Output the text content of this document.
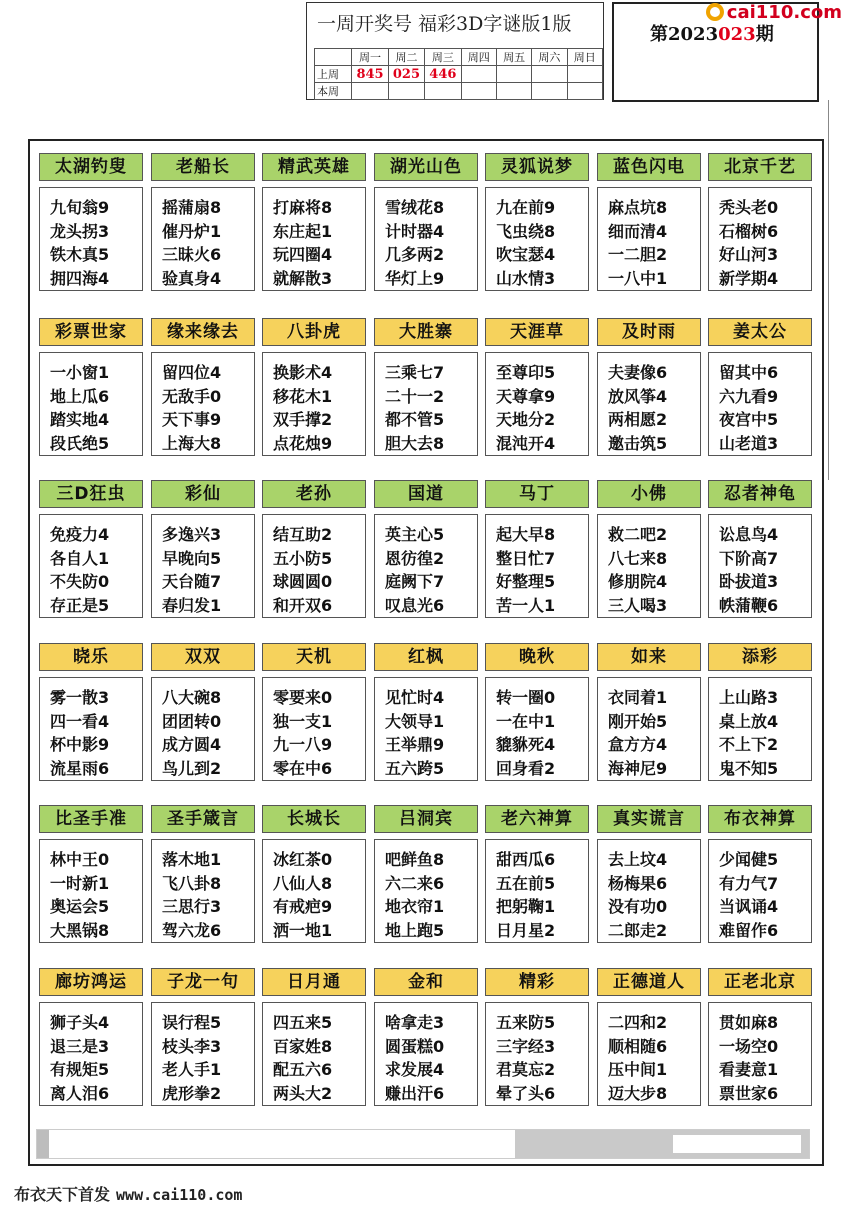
一周开奖号 福彩3D字谜版1版
	周一	周二	周三	周四	周五	周六	周日
上周	845	025	446				
本周							
第2023023期
cai110.com
太湖钓叟
九旬翁9
龙头拐3
铁木真5
拥四海4
老船长
摇蒲扇8
催丹炉1
三昧火6
验真身4
精武英雄
打麻将8
东庄起1
玩四圈4
就解散3
湖光山色
雪绒花8
计时器4
几多两2
华灯上9
灵狐说梦
九在前9
飞虫绕8
吹宝瑟4
山水情3
蓝色闪电
麻点坑8
细而清4
一二胆2
一八中1
北京千艺
秃头老0
石榴树6
好山河3
新学期4
彩票世家
一小窗1
地上瓜6
踏实地4
段氏绝5
缘来缘去
留四位4
无敌手0
天下事9
上海大8
八卦虎
换影术4
移花木1
双手撑2
点花烛9
大胜寨
三乘七7
二十一2
都不管5
胆大去8
天涯草
至尊印5
天尊拿9
天地分2
混沌开4
及时雨
夫妻像6
放风筝4
两相愿2
邀击筑5
姜太公
留其中6
六九看9
夜宫中5
山老道3
三D狂虫
免疫力4
各自人1
不失防0
存正是5
彩仙
多逸兴3
早晚向5
天台随7
春归发1
老孙
结互助2
五小防5
球圆圆0
和开双6
国道
英主心5
恩彷徨2
庭阙下7
叹息光6
马丁
起大早8
整日忙7
好整理5
苦一人1
小佛
救二吧2
八七来8
修朋院4
三人喝3
忍者神龟
讼息鸟4
下阶高7
卧拔道3
帙蒲鞭6
晓乐
雾一散3
四一看4
杯中影9
流星雨6
双双
八大碗8
团团转0
成方圆4
鸟儿到2
天机
零要来0
独一支1
九一八9
零在中6
红枫
见忙时4
大领导1
王举鼎9
五六跨5
晚秋
转一圈0
一在中1
貔貅死4
回身看2
如来
衣同着1
刚开始5
盒方方4
海神尼9
添彩
上山路3
桌上放4
不上下2
鬼不知5
比圣手准
林中王0
一时新1
奥运会5
大黑锅8
圣手箴言
落木地1
飞八卦8
三思行3
驾六龙6
长城长
冰红茶0
八仙人8
有戒疤9
洒一地1
吕洞宾
吧鲜鱼8
六二来6
地衣帘1
地上跑5
老六神算
甜西瓜6
五在前5
把躬鞠1
日月星2
真实谎言
去上坟4
杨梅果6
没有功0
二郎走2
布衣神算
少闻健5
有力气7
当讽诵4
难留作6
廊坊鸿运
狮子头4
退三是3
有规矩5
离人泪6
子龙一句
误行程5
枝头李3
老人手1
虎形拳2
日月通
四五来5
百家姓8
配五六6
两头大2
金和
啥拿走3
圆蛋糕0
求发展4
赚出汗6
精彩
五来防5
三字经3
君莫忘2
晕了头6
正德道人
二四和2
顺相随6
压中间1
迈大步8
正老北京
贯如麻8
一场空0
看妻意1
票世家6
布衣天下首发 www.cai110.com
